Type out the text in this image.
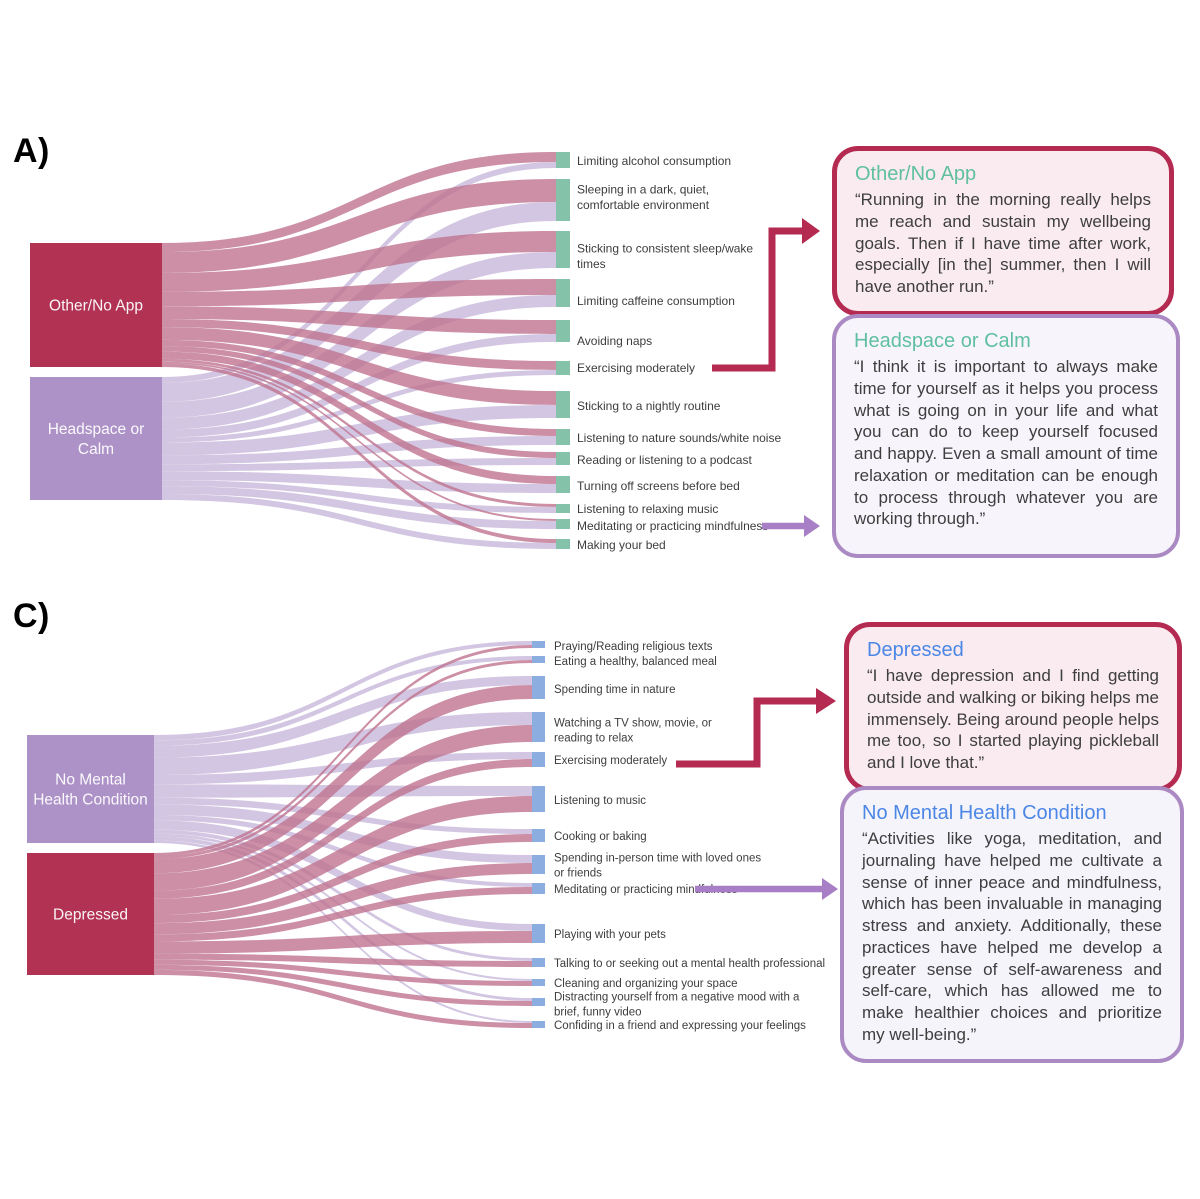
Other/No App
Headspace or Calm
Limiting alcohol consumption
Sleeping in a dark, quiet, comfortable environment
Sticking to consistent sleep/wake times
Limiting caffeine consumption
Avoiding naps
Exercising moderately
Sticking to a nightly routine
Listening to nature sounds/white noise
Reading or listening to a podcast
Turning off screens before bed
Listening to relaxing music
Meditating or practicing mindfulness
Making your bed
No Mental Health Condition
Depressed
Praying/Reading religious texts
Eating a healthy, balanced meal
Spending time in nature
Watching a TV show, movie, or reading to relax
Exercising moderately
Listening to music
Cooking or baking
Spending in-person time with loved ones or friends
Meditating or practicing mindfulness
Playing with your pets
Talking to or seeking out a mental health professional
Cleaning and organizing your space
Distracting yourself from a negative mood with a brief, funny video
Confiding in a friend and expressing your feelings
A)
C)
Other/No App
“Running in the morning really helps me reach and sustain my wellbeing goals. Then if I have time after work, especially [in the] summer, then I will have another run.”
Headspace or Calm
“I think it is important to always make time for yourself as it helps you process what is going on in your life and what you can do to keep yourself focused and happy. Even a small amount of time relaxation or meditation can be enough to process through whatever you are working through.”
Depressed
“I have depression and I find getting outside and walking or biking helps me immensely. Being around people helps me too, so I started playing pickleball and I love that.”
No Mental Health Condition
“Activities like yoga, meditation, and journaling have helped me cultivate a sense of inner peace and mindfulness, which has been invaluable in managing stress and anxiety. Additionally, these practices have helped me develop a greater sense of self-awareness and self-care, which has allowed me to make healthier choices and prioritize my well-being.”
